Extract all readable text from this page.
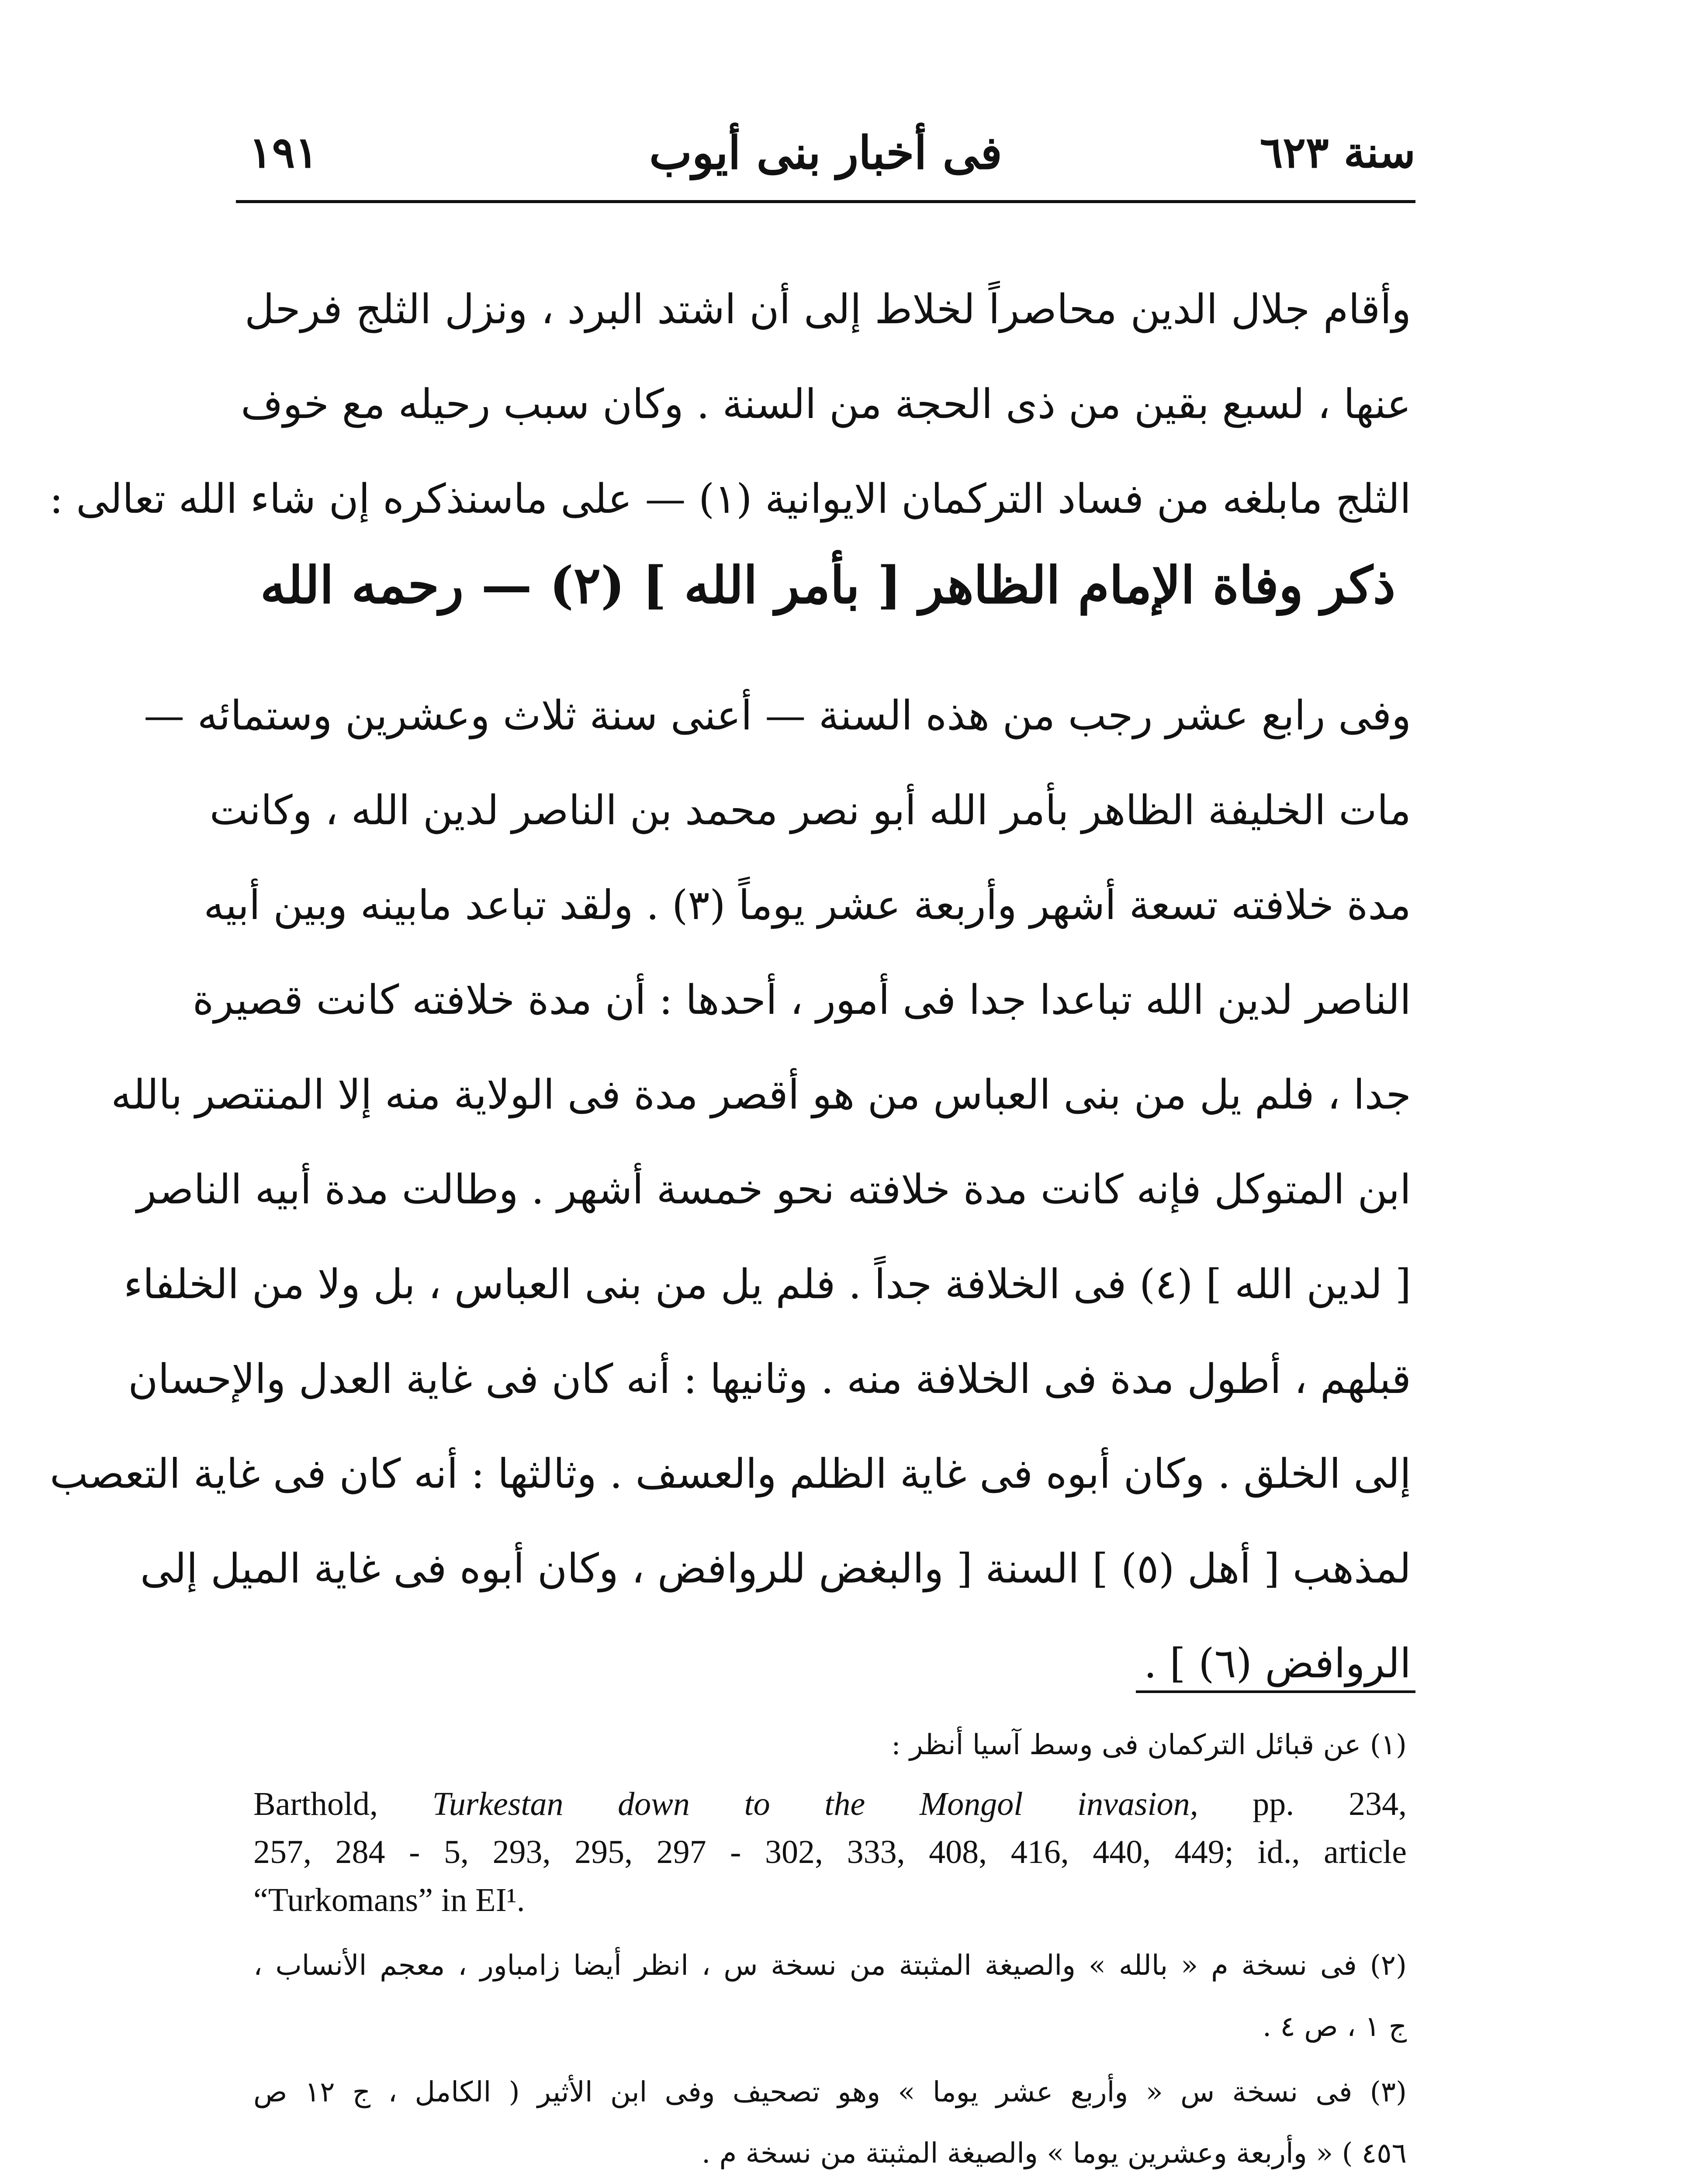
سنة ٦٢٣
فى أخبار بنى أيوب
١٩١
وأقام جلال الدين محاصراً لخلاط إلى أن اشتد البرد ، ونزل الثلج فرحل
عنها ، لسبع بقين من ذى الحجة من السنة . وكان سبب رحيله مع خوف
الثلج مابلغه من فساد التركمان الايوانية (١) — على ماسنذكره إن شاء الله تعالى :
ذكر وفاة الإمام الظاهر [ بأمر الله ] (٢) — رحمه الله
وفى رابع عشر رجب من هذه السنة — أعنى سنة ثلاث وعشرين وستمائه —
مات الخليفة الظاهر بأمر الله أبو نصر محمد بن الناصر لدين الله ، وكانت
مدة خلافته تسعة أشهر وأربعة عشر يوماً (٣) . ولقد تباعد مابينه وبين أبيه
الناصر لدين الله تباعدا جدا فى أمور ، أحدها : أن مدة خلافته كانت قصيرة
جدا ، فلم يل من بنى العباس من هو أقصر مدة فى الولاية منه إلا المنتصر بالله
ابن المتوكل فإنه كانت مدة خلافته نحو خمسة أشهر . وطالت مدة أبيه الناصر
[ لدين الله ] (٤) فى الخلافة جداً . فلم يل من بنى العباس ، بل ولا من الخلفاء
قبلهم ، أطول مدة فى الخلافة منه . وثانيها : أنه كان فى غاية العدل والإحسان
إلى الخلق . وكان أبوه فى غاية الظلم والعسف . وثالثها : أنه كان فى غاية التعصب
لمذهب [ أهل (٥) ] السنة [ والبغض للروافض ، وكان أبوه فى غاية الميل إلى
الروافض (٦) ] .
(١) عن قبائل التركمان فى وسط آسيا أنظر :
Barthold, Turkestan down to the Mongol invasion, pp. 234,
257, 284 - 5, 293, 295, 297 - 302, 333, 408, 416, 440, 449; id., article
“Turkomans” in EI¹.
(٢) فى نسخة م « بالله » والصيغة المثبتة من نسخة س ، انظر أيضا زامباور ، معجم الأنساب ،
ج ١ ، ص ٤ .
(٣) فى نسخة س « وأربع عشر يوما » وهو تصحيف وفى ابن الأثير ( الكامل ، ج ١٢ ص
٤٥٦ ) « وأربعة وعشرين يوما » والصيغة المثبتة من نسخة م .
